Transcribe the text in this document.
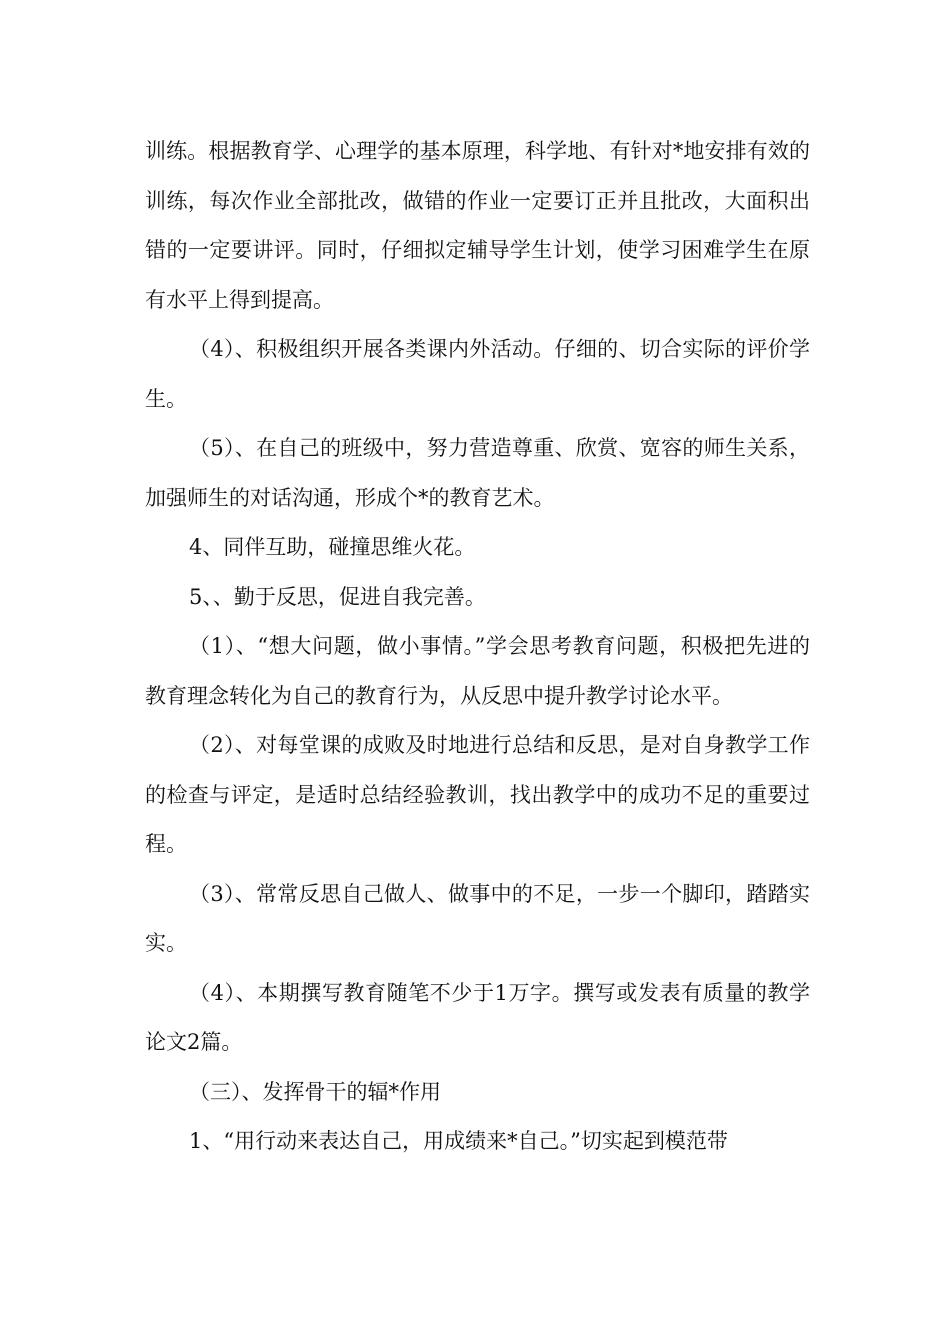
训练。根据教育学、心理学的基本原理，科学地、有针对*地安排有效的训练，每次作业全部批改，做错的作业一定要订正并且批改，大面积出错的一定要讲评。同时，仔细拟定辅导学生计划，使学习困难学生在原有水平上得到提高。

（4）、积极组织开展各类课内外活动。仔细的、切合实际的评价学生。

（5）、在自己的班级中，努力营造尊重、欣赏、宽容的师生关系，加强师生的对话沟通，形成个*的教育艺术。

4、同伴互助，碰撞思维火花。

5、、勤于反思，促进自我完善。

（1）、“想大问题，做小事情。”学会思考教育问题，积极把先进的教育理念转化为自己的教育行为，从反思中提升教学讨论水平。

（2）、对每堂课的成败及时地进行总结和反思，是对自身教学工作的检查与评定，是适时总结经验教训，找出教学中的成功不足的重要过程。

（3）、常常反思自己做人、做事中的不足，一步一个脚印，踏踏实实。

（4）、本期撰写教育随笔不少于1万字。撰写或发表有质量的教学论文2篇。

（三）、发挥骨干的辐*作用

1、“用行动来表达自己，用成绩来*自己。”切实起到模范带
